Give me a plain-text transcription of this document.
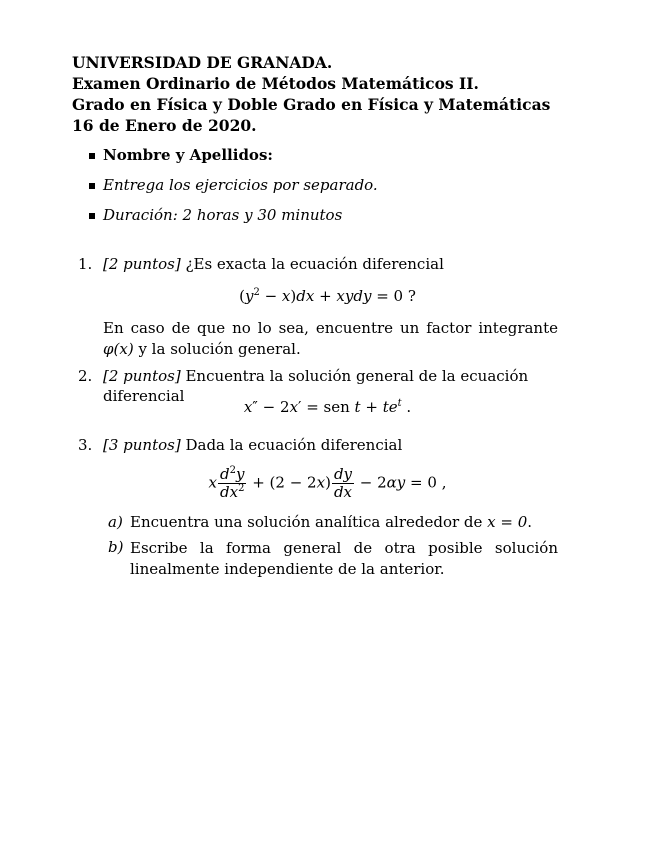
UNIVERSIDAD DE GRANADA.
Examen Ordinario de Métodos Matemáticos II.
Grado en Física y Doble Grado en Física y Matemáticas
16 de Enero de 2020.
Nombre y Apellidos:
Entrega los ejercicios por separado.
Duración: 2 horas y 30 minutos
1. [2 puntos] ¿Es exacta la ecuación diferencial
$(y^2 - x)dx$ + xydy = 0 ?
En caso de que no lo sea, encuentre un factor integrante φ(x) y la solución general.
2. [2 puntos] Encuentra la solución general de la ecuación diferencial
x″ − 2x′ = sen $t + te^t$ .
3. [3 puntos] Dada la ecuación diferencial
x $\frac{d^2y}{dx^2} + (2 - 2x) \frac{dy}{dx} - 2\alpha y = 0$ ,
a) Encuentra una solución analítica alrededor de x = 0.
b) Escribe la forma general de otra posible solución linealmente independiente de la anterior.
